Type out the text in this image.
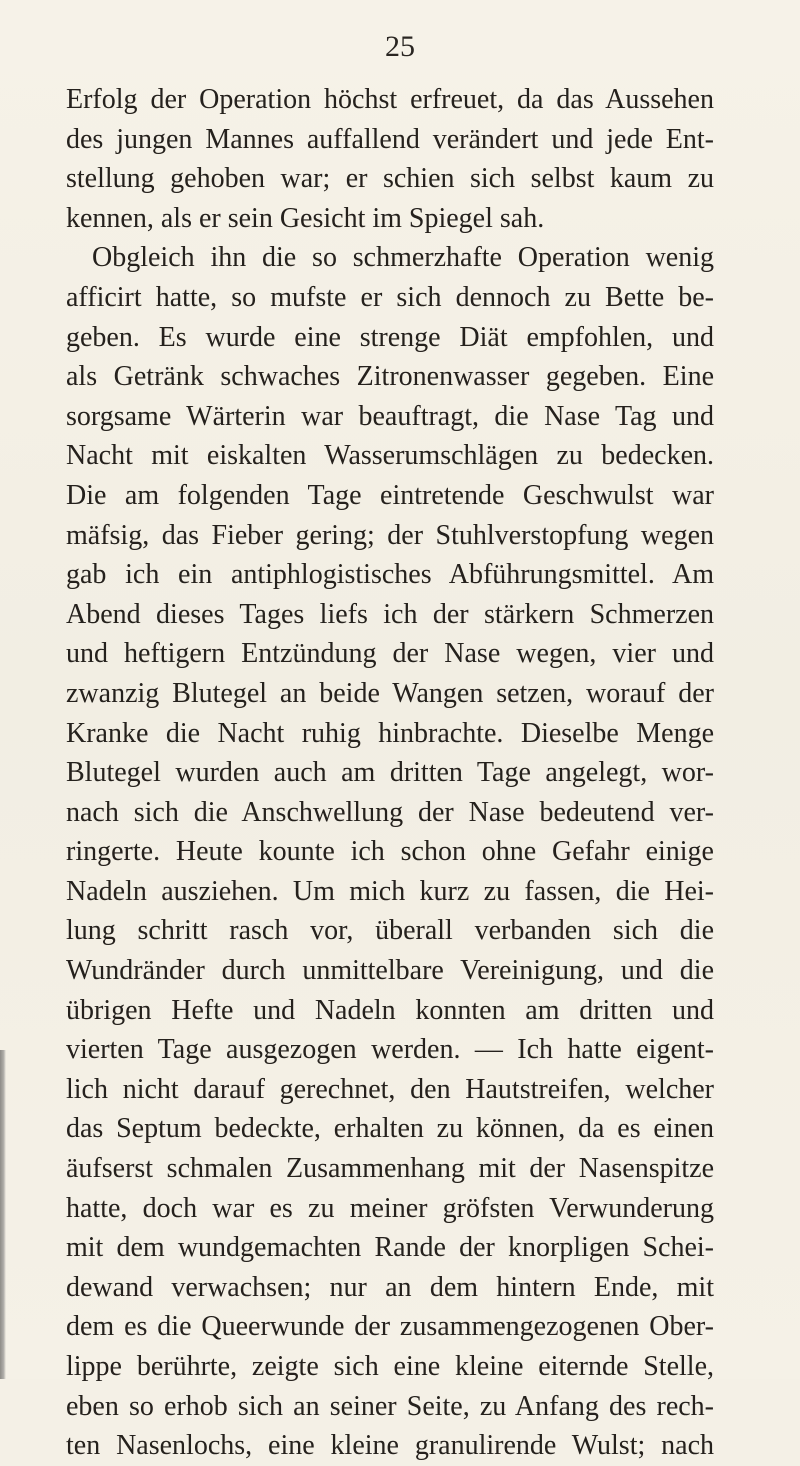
25
Erfolg der Operation höchst erfreuet, da das Aussehen
des jungen Mannes auffallend verändert und jede Ent-
stellung gehoben war; er schien sich selbst kaum zu
kennen, als er sein Gesicht im Spiegel sah.
Obgleich ihn die so schmerzhafte Operation wenig
afficirt hatte, so mufste er sich dennoch zu Bette be-
geben. Es wurde eine strenge Diät empfohlen, und
als Getränk schwaches Zitronenwasser gegeben. Eine
sorgsame Wärterin war beauftragt, die Nase Tag und
Nacht mit eiskalten Wasserumschlägen zu bedecken.
Die am folgenden Tage eintretende Geschwulst war
mäfsig, das Fieber gering; der Stuhlverstopfung wegen
gab ich ein antiphlogistisches Abführungsmittel. Am
Abend dieses Tages liefs ich der stärkern Schmerzen
und heftigern Entzündung der Nase wegen, vier und
zwanzig Blutegel an beide Wangen setzen, worauf der
Kranke die Nacht ruhig hinbrachte. Dieselbe Menge
Blutegel wurden auch am dritten Tage angelegt, wor-
nach sich die Anschwellung der Nase bedeutend ver-
ringerte. Heute kounte ich schon ohne Gefahr einige
Nadeln ausziehen. Um mich kurz zu fassen, die Hei-
lung schritt rasch vor, überall verbanden sich die
Wundränder durch unmittelbare Vereinigung, und die
übrigen Hefte und Nadeln konnten am dritten und
vierten Tage ausgezogen werden. — Ich hatte eigent-
lich nicht darauf gerechnet, den Hautstreifen, welcher
das Septum bedeckte, erhalten zu können, da es einen
äufserst schmalen Zusammenhang mit der Nasenspitze
hatte, doch war es zu meiner gröfsten Verwunderung
mit dem wundgemachten Rande der knorpligen Schei-
dewand verwachsen; nur an dem hintern Ende, mit
dem es die Queerwunde der zusammengezogenen Ober-
lippe berührte, zeigte sich eine kleine eiternde Stelle,
eben so erhob sich an seiner Seite, zu Anfang des rech-
ten Nasenlochs, eine kleine granulirende Wulst; nach
